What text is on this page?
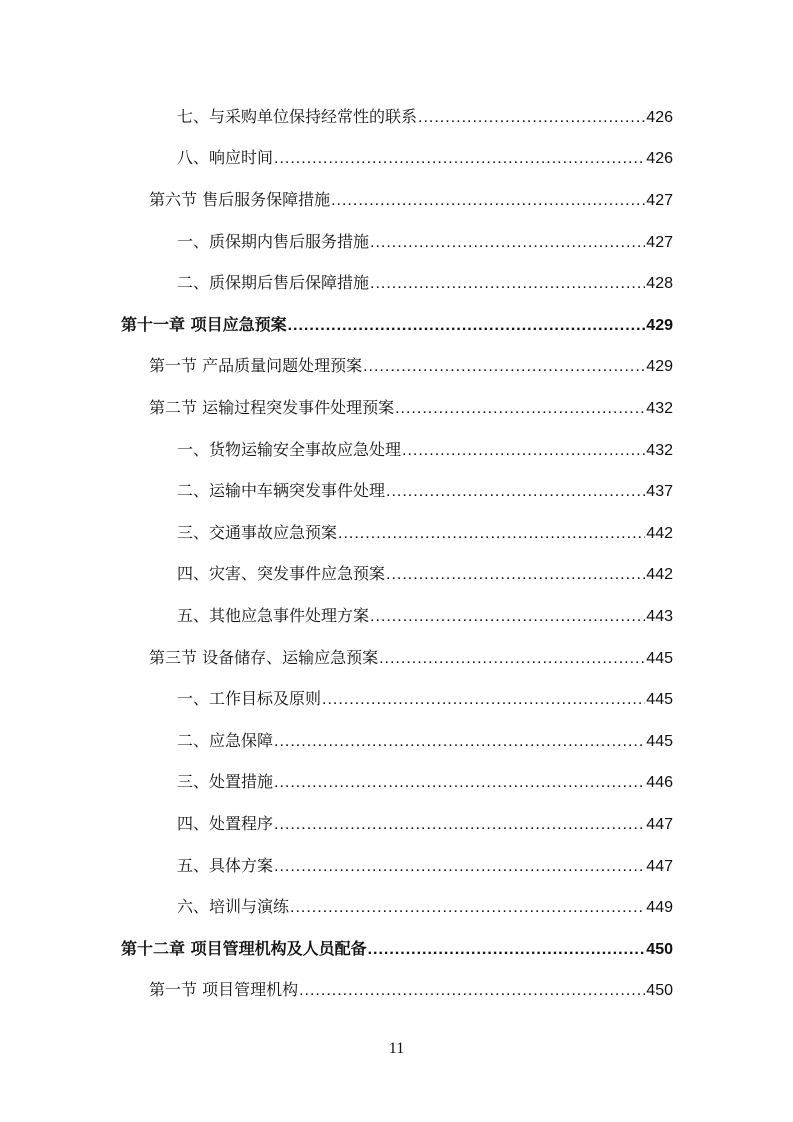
七、与采购单位保持经常性的联系 .....	426
八、响应时间 .....	426
第六节 售后服务保障措施 .....	427
一、质保期内售后服务措施 .....	427
二、质保期后售后保障措施 .....	428
第十一章 项目应急预案 .....	429
第一节 产品质量问题处理预案 .....	429
第二节 运输过程突发事件处理预案 .....	432
一、货物运输安全事故应急处理 .....	432
二、运输中车辆突发事件处理 .....	437
三、交通事故应急预案 .....	442
四、灾害、突发事件应急预案 .....	442
五、其他应急事件处理方案 .....	443
第三节 设备储存、运输应急预案 .....	445
一、工作目标及原则 .....	445
二、应急保障 .....	445
三、处置措施 .....	446
四、处置程序 .....	447
五、具体方案 .....	447
六、培训与演练 .....	449
第十二章 项目管理机构及人员配备 .....	450
第一节 项目管理机构 .....	450
11
